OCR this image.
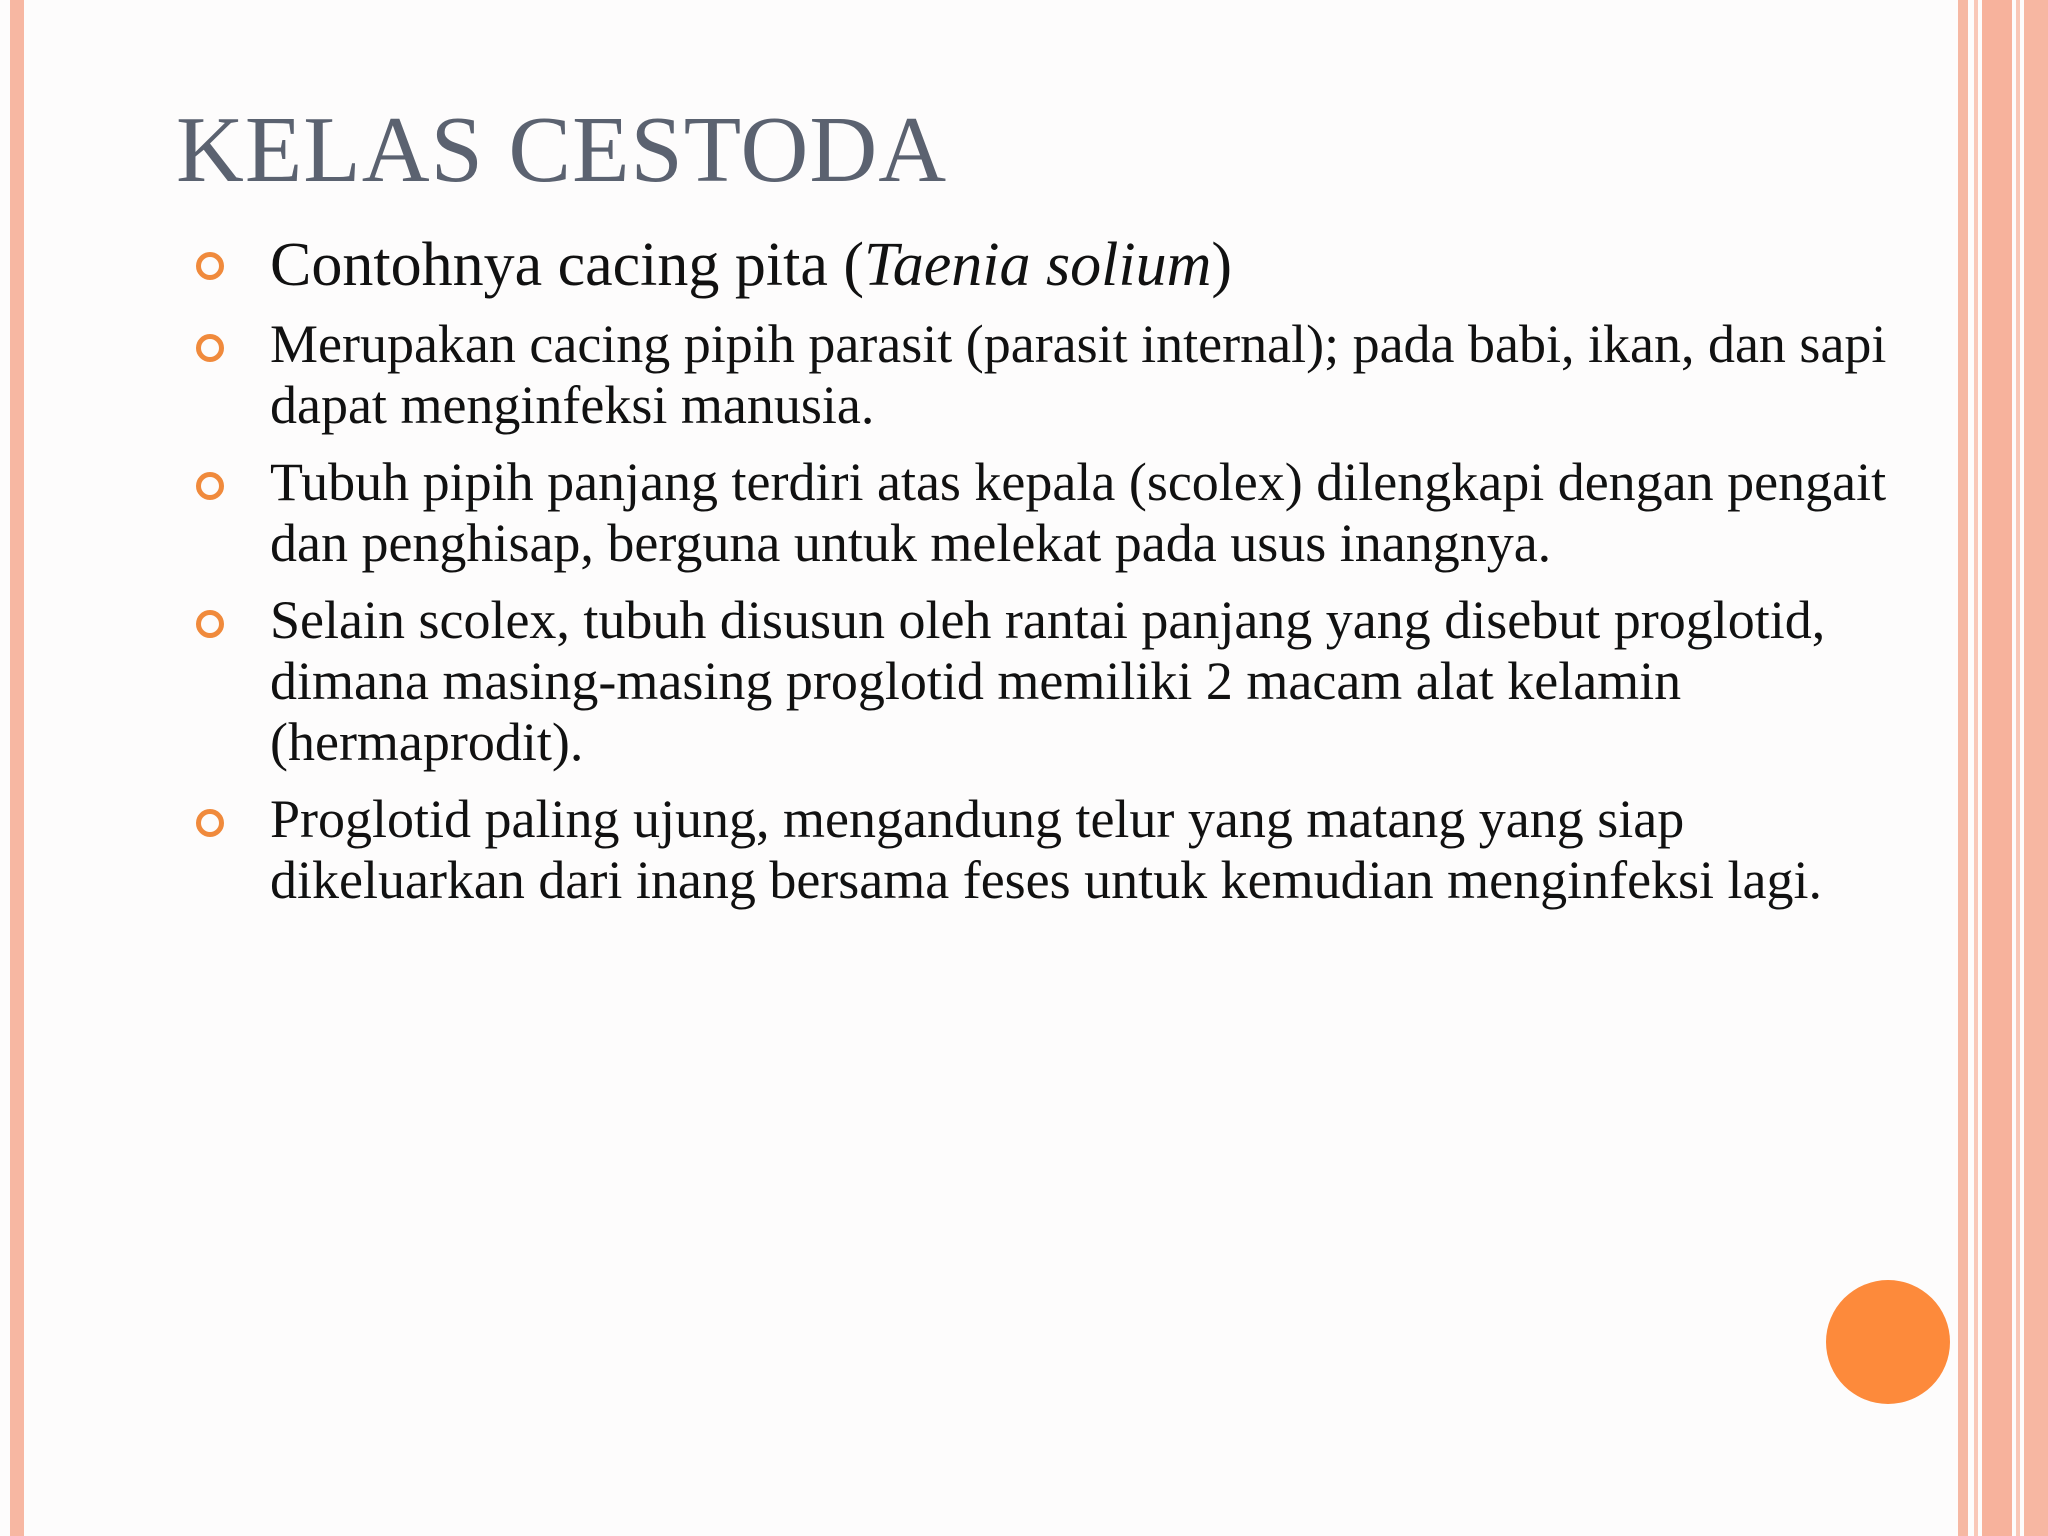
KELAS CESTODA
Contohnya cacing pita (Taenia solium)
Merupakan cacing pipih parasit (parasit internal); pada babi, ikan, dan sapi dapat menginfeksi manusia.
Tubuh pipih panjang terdiri atas kepala (scolex) dilengkapi dengan pengait dan penghisap, berguna untuk melekat pada usus inangnya.
Selain scolex, tubuh disusun oleh rantai panjang yang disebut proglotid, dimana masing-masing proglotid memiliki 2 macam alat kelamin (hermaprodit).
Proglotid paling ujung, mengandung telur yang matang yang siap dikeluarkan dari inang bersama feses untuk kemudian menginfeksi lagi.
